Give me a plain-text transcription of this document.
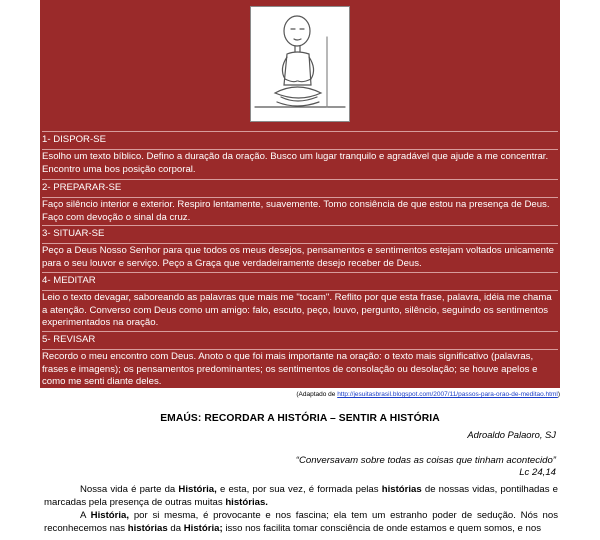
1- DISPOR-SE
Esolho um texto bíblico. Defino a duração da oração. Busco um lugar tranquilo e agradável que ajude a me concentrar. Encontro uma bos posição corporal.
2- PREPARAR-SE
Faço silêncio interior e exterior. Respiro lentamente, suavemente. Tomo consiência de que estou na presença de Deus. Faço com devoção o sinal da cruz.
3- SITUAR-SE
Peço a Deus Nosso Senhor para que todos os meus desejos, pensamentos e sentimentos estejam voltados unicamente para o seu louvor e serviço. Peço a Graça que verdadeiramente desejo receber de Deus.
4- MEDITAR
Leio o texto devagar, saboreando as palavras que mais me "tocam". Reflito por que esta frase, palavra, idéia me chama a atenção. Converso com Deus como um amigo: falo, escuto, peço, louvo, pergunto, silêncio, seguindo os sentimentos experimentados na oração.
5- REVISAR
Recordo o meu encontro com Deus. Anoto o que foi mais importante na oração: o texto mais significativo (palavras, frases e imagens); os pensamentos predominantes; os sentimentos de consolação ou desolação; se houve apelos e como me senti diante deles.
(Adaptado de http://jesuitasbrasil.blogspot.com/2007/11/passos-para-orao-de-meditao.html)
EMAÚS: RECORDAR A HISTÓRIA – SENTIR A HISTÓRIA
Adroaldo Palaoro, SJ
“Conversavam sobre todas as coisas que tinham acontecido”
Lc 24,14
Nossa vida é parte da História, e esta, por sua vez, é formada pelas histórias de nossas vidas, pontilhadas e marcadas pela presença de outras muitas histórias.
A História, por si mesma, é provocante e nos fascina; ela tem um estranho poder de sedução. Nós nos reconhecemos nas histórias da História; isso nos facilita tomar consciência de onde estamos e quem somos, e nos
